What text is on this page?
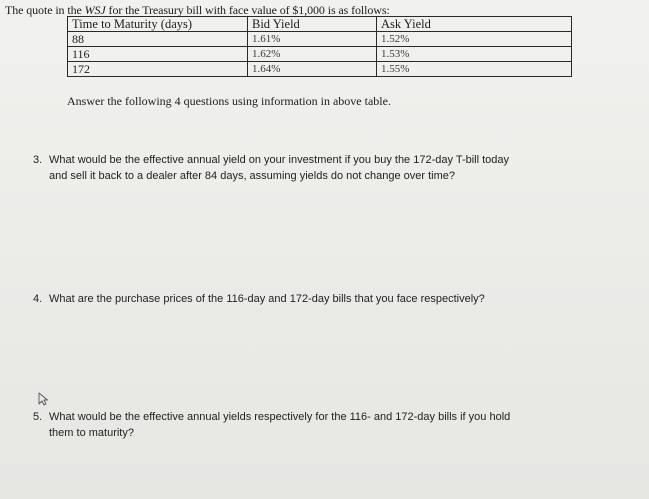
The quote in the WSJ for the Treasury bill with face value of $1,000 is as follows:
Time to Maturity (days)	Bid Yield	Ask Yield
88	1.61%	1.52%
116	1.62%	1.53%
172	1.64%	1.55%
Answer the following 4 questions using information in above table.
3. What would be the effective annual yield on your investment if you buy the 172-day T-bill today
and sell it back to a dealer after 84 days, assuming yields do not change over time?
4. What are the purchase prices of the 116-day and 172-day bills that you face respectively?
5. What would be the effective annual yields respectively for the 116- and 172-day bills if you hold
them to maturity?
